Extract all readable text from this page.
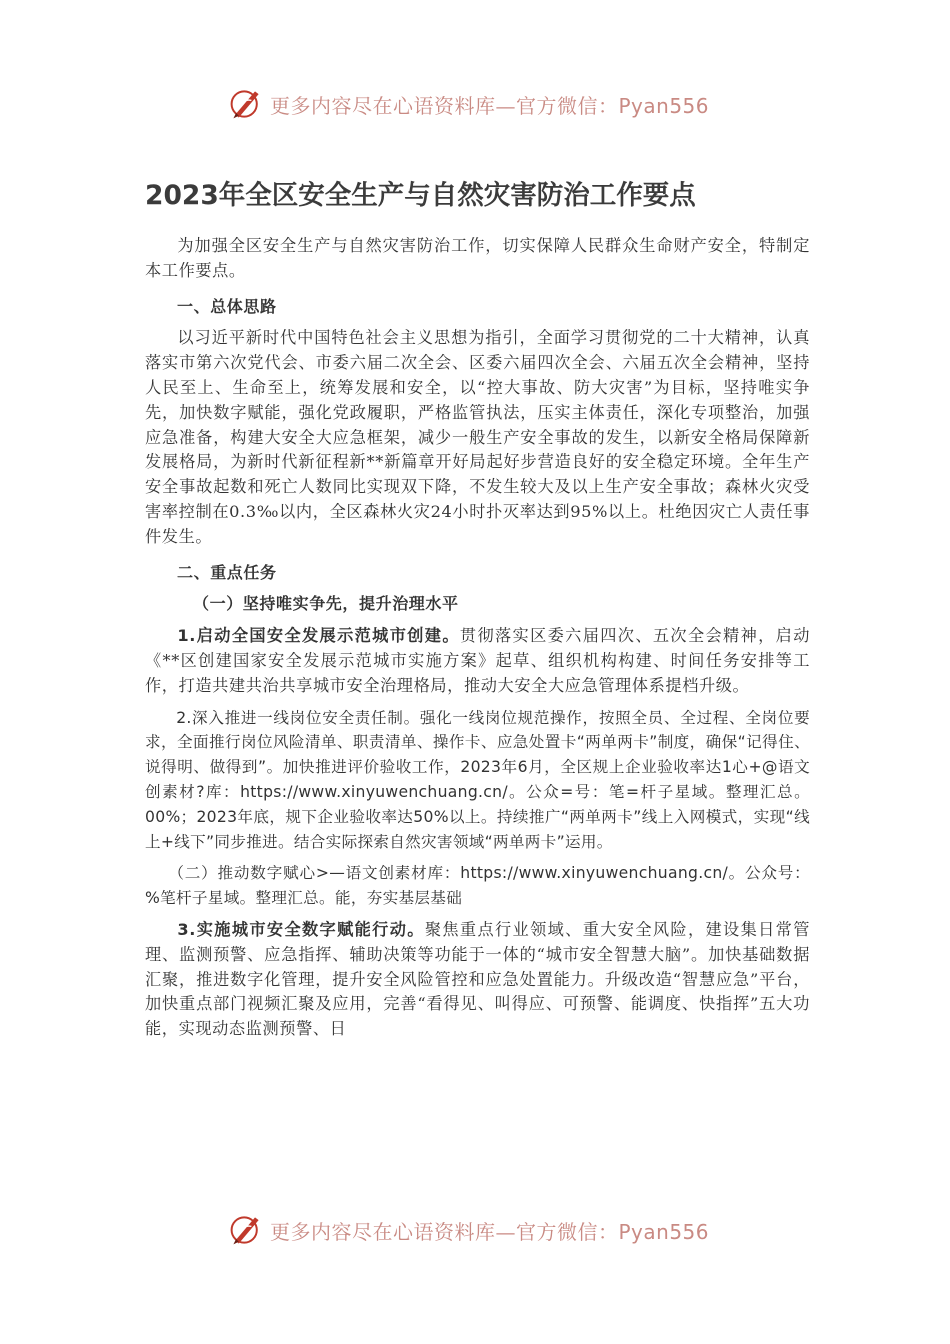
更多内容尽在心语资料库—官方微信：Pyan556
2023年全区安全生产与自然灾害防治工作要点

为加强全区安全生产与自然灾害防治工作，切实保障人民群众生命财产安全，特制定本工作要点。

一、总体思路

以习近平新时代中国特色社会主义思想为指引，全面学习贯彻党的二十大精神，认真落实市第六次党代会、市委六届二次全会、区委六届四次全会、六届五次全会精神，坚持人民至上、生命至上，统筹发展和安全，以“控大事故、防大灾害”为目标，坚持唯实争先，加快数字赋能，强化党政履职，严格监管执法，压实主体责任，深化专项整治，加强应急准备，构建大安全大应急框架，减少一般生产安全事故的发生，以新安全格局保障新发展格局，为新时代新征程新**新篇章开好局起好步营造良好的安全稳定环境。全年生产安全事故起数和死亡人数同比实现双下降，不发生较大及以上生产安全事故；森林火灾受害率控制在0.3‰以内，全区森林火灾24小时扑灭率达到95%以上。杜绝因灾亡人责任事件发生。

二、重点任务

（一）坚持唯实争先，提升治理水平

1.启动全国安全发展示范城市创建。贯彻落实区委六届四次、五次全会精神，启动《**区创建国家安全发展示范城市实施方案》起草、组织机构构建、时间任务安排等工作，打造共建共治共享城市安全治理格局，推动大安全大应急管理体系提档升级。

2.深入推进一线岗位安全责任制。强化一线岗位规范操作，按照全员、全过程、全岗位要求，全面推行岗位风险清单、职责清单、操作卡、应急处置卡“两单两卡”制度，确保“记得住、说得明、做得到”。加快推进评价验收工作，2023年6月，全区规上企业验收率达1心+@语文创素材?库：https://www.xinyuwenchuang.cn/。公众=号：笔=杆子星域。整理汇总。00%；2023年底，规下企业验收率达50%以上。持续推广“两单两卡”线上入网模式，实现“线上+线下”同步推进。结合实际探索自然灾害领域“两单两卡”运用。

（二）推动数字赋心>—语文创素材库：https://www.xinyuwenchuang.cn/。公众号：%笔杆子星域。整理汇总。能，夯实基层基础

3.实施城市安全数字赋能行动。聚焦重点行业领域、重大安全风险，建设集日常管理、监测预警、应急指挥、辅助决策等功能于一体的“城市安全智慧大脑”。加快基础数据汇聚，推进数字化管理，提升安全风险管控和应急处置能力。升级改造“智慧应急”平台，加快重点部门视频汇聚及应用，完善“看得见、叫得应、可预警、能调度、快指挥”五大功能，实现动态监测预警、日

更多内容尽在心语资料库—官方微信：Pyan556
